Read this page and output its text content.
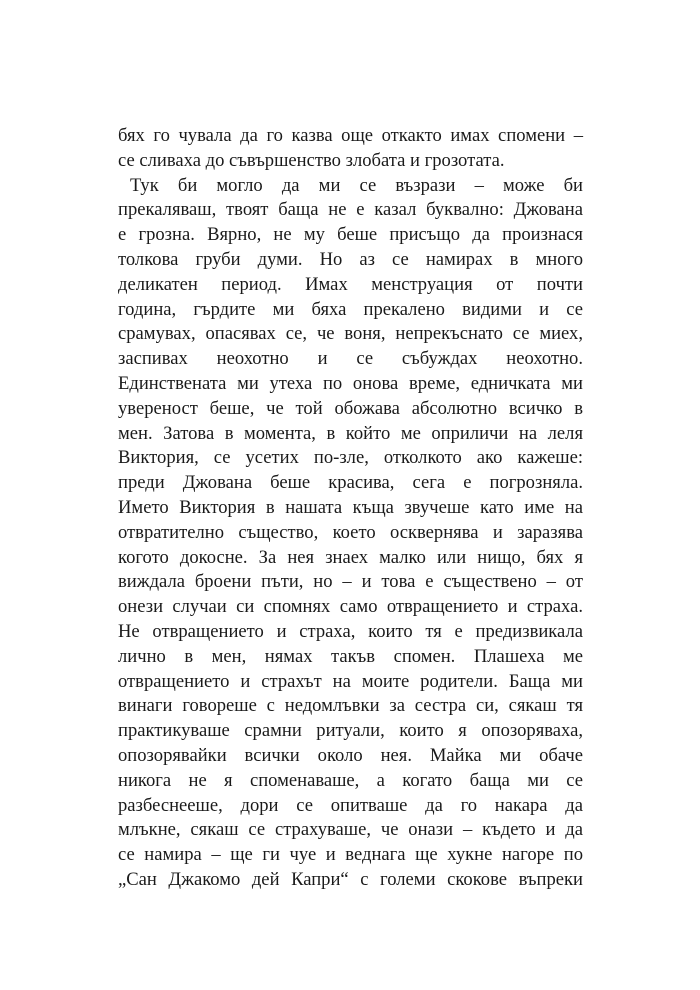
бях го чувала да го казва още откакто имах спомени –
се сливаха до съвършенство злобата и грозотата.
Тук би могло да ми се възрази – може би
прекаляваш, твоят баща не е казал буквално: Джована
е грозна. Вярно, не му беше присъщо да произнася
толкова груби думи. Но аз се намирах в много
деликатен период. Имах менструация от почти
година, гърдите ми бяха прекалено видими и се
срамувах, опасявах се, че воня, непрекъснато се миех,
заспивах неохотно и се събуждах неохотно.
Единствената ми утеха по онова време, едничката ми
увереност беше, че той обожава абсолютно всичко в
мен. Затова в момента, в който ме оприличи на леля
Виктория, се усетих по-зле, отколкото ако кажеше:
преди Джована беше красива, сега е погрозняла.
Името Виктория в нашата къща звучеше като име на
отвратително същество, което осквернява и заразява
когото докосне. За нея знаех малко или нищо, бях я
виждала броени пъти, но – и това е съществено – от
онези случаи си спомнях само отвращението и страха.
Не отвращението и страха, които тя е предизвикала
лично в мен, нямах такъв спомен. Плашеха ме
отвращението и страхът на моите родители. Баща ми
винаги говореше с недомлъвки за сестра си, сякаш тя
практикуваше срамни ритуали, които я опозоряваха,
опозорявайки всички около нея. Майка ми обаче
никога не я споменаваше, а когато баща ми се
разбеснееше, дори се опитваше да го накара да
млъкне, сякаш се страхуваше, че онази – където и да
се намира – ще ги чуе и веднага ще хукне нагоре по
„Сан Джакомо дей Капри“ с големи скокове въпреки
